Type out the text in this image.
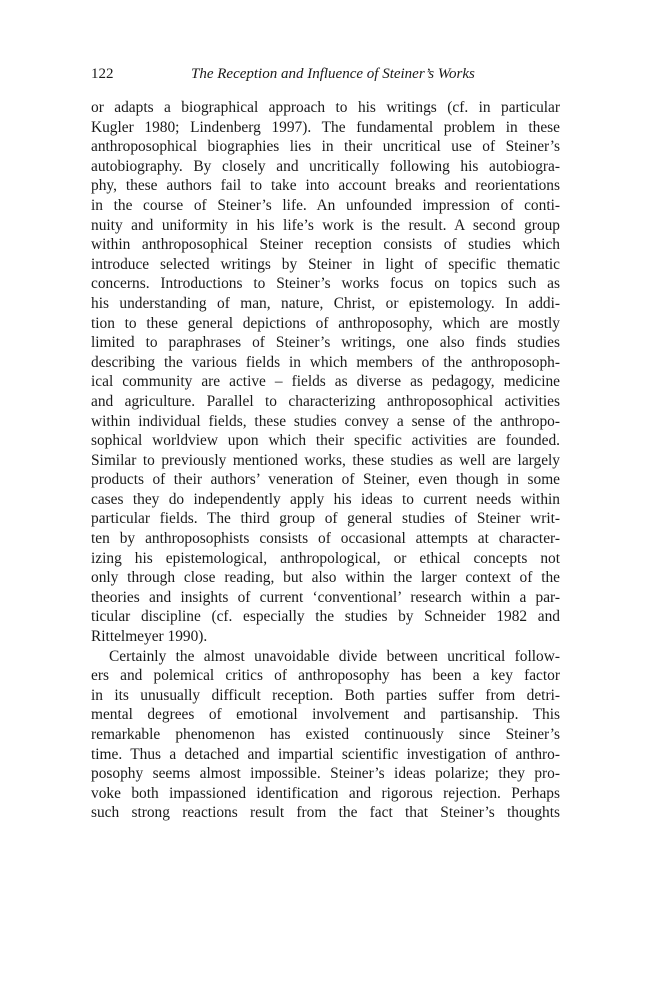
122	The Reception and Influence of Steiner’s Works
or adapts a biographical approach to his writings (cf. in particular
Kugler 1980; Lindenberg 1997). The fundamental problem in these
anthroposophical biographies lies in their uncritical use of Steiner’s
autobiography. By closely and uncritically following his autobiogra-
phy, these authors fail to take into account breaks and reorientations
in the course of Steiner’s life. An unfounded impression of conti-
nuity and uniformity in his life’s work is the result. A second group
within anthroposophical Steiner reception consists of studies which
introduce selected writings by Steiner in light of specific thematic
concerns. Introductions to Steiner’s works focus on topics such as
his understanding of man, nature, Christ, or epistemology. In addi-
tion to these general depictions of anthroposophy, which are mostly
limited to paraphrases of Steiner’s writings, one also finds studies
describing the various fields in which members of the anthroposoph-
ical community are active – fields as diverse as pedagogy, medicine
and agriculture. Parallel to characterizing anthroposophical activities
within individual fields, these studies convey a sense of the anthropo-
sophical worldview upon which their specific activities are founded.
Similar to previously mentioned works, these studies as well are largely
products of their authors’ veneration of Steiner, even though in some
cases they do independently apply his ideas to current needs within
particular fields. The third group of general studies of Steiner writ-
ten by anthroposophists consists of occasional attempts at character-
izing his epistemological, anthropological, or ethical concepts not
only through close reading, but also within the larger context of the
theories and insights of current ‘conventional’ research within a par-
ticular discipline (cf. especially the studies by Schneider 1982 and
Rittelmeyer 1990).
Certainly the almost unavoidable divide between uncritical follow-
ers and polemical critics of anthroposophy has been a key factor
in its unusually difficult reception. Both parties suffer from detri-
mental degrees of emotional involvement and partisanship. This
remarkable phenomenon has existed continuously since Steiner’s
time. Thus a detached and impartial scientific investigation of anthro-
posophy seems almost impossible. Steiner’s ideas polarize; they pro-
voke both impassioned identification and rigorous rejection. Perhaps
such strong reactions result from the fact that Steiner’s thoughts
